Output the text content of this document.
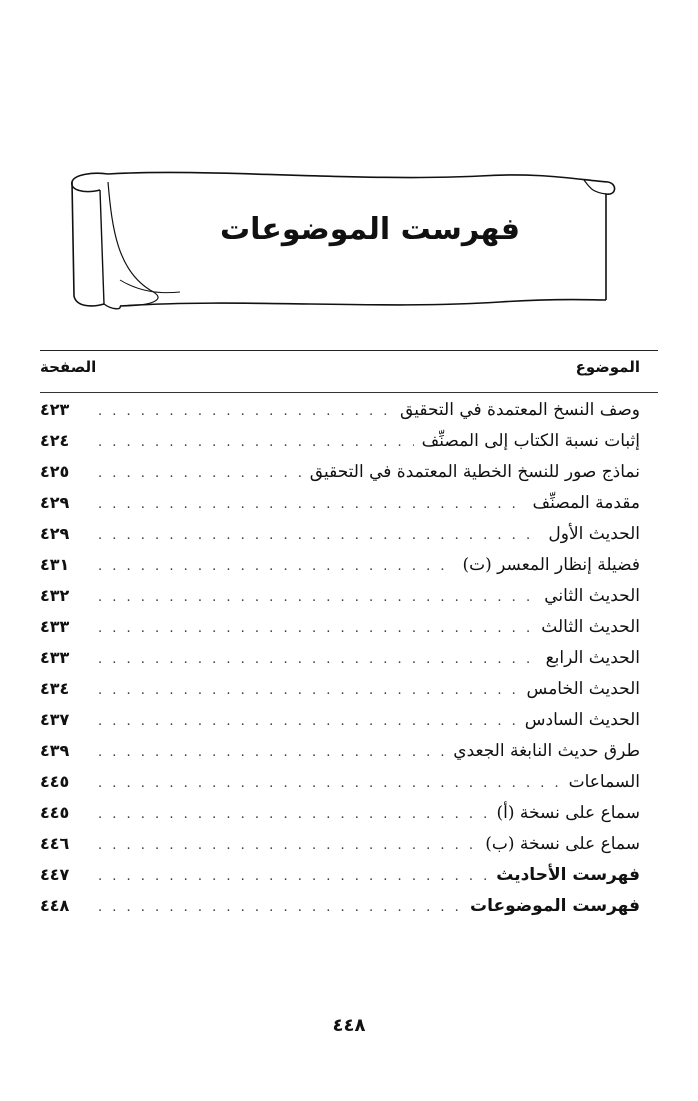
فهرست الموضوعات
الموضوع
الصفحة
وصف النسخ المعتمدة في التحقيق
. . .
٤٢٣
إثبات نسبة الكتاب إلى المصنِّف
. . .
٤٢٤
نماذج صور للنسخ الخطية المعتمدة في التحقيق
. . .
٤٢٥
مقدمة المصنِّف
. . .
٤٢٩
الحديث الأول
. . .
٤٢٩
فضيلة إنظار المعسر (ت)
. . .
٤٣١
الحديث الثاني
. . .
٤٣٢
الحديث الثالث
. . .
٤٣٣
الحديث الرابع
. . .
٤٣٣
الحديث الخامس
. . .
٤٣٤
الحديث السادس
. . .
٤٣٧
طرق حديث النابغة الجعدي
. . .
٤٣٩
السماعات
. . .
٤٤٥
سماع على نسخة (أ)
. . .
٤٤٥
سماع على نسخة (ب)
. . .
٤٤٦
فهرست الأحاديث
. . .
٤٤٧
فهرست الموضوعات
. . .
٤٤٨
٤٤٨
